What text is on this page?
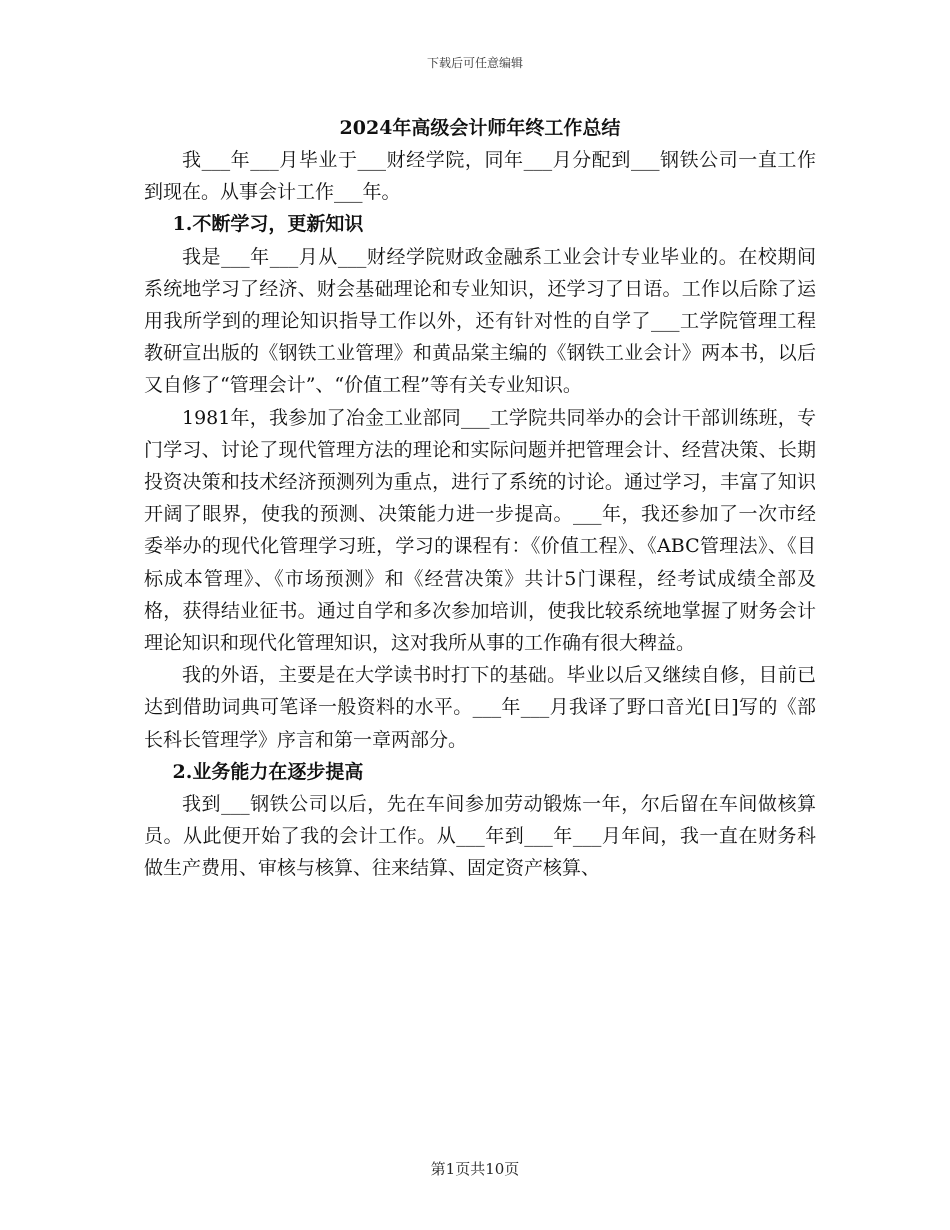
下载后可任意编辑
2024年高级会计师年终工作总结

我___年___月毕业于___财经学院，同年___月分配到___钢铁公司一直工作到现在。从事会计工作___年。

1.不断学习，更新知识

我是___年___月从___财经学院财政金融系工业会计专业毕业的。在校期间系统地学习了经济、财会基础理论和专业知识，还学习了日语。工作以后除了运用我所学到的理论知识指导工作以外，还有针对性的自学了___工学院管理工程教研宣出版的《钢铁工业管理》和黄品棠主编的《钢铁工业会计》两本书，以后又自修了“管理会计”、“价值工程”等有关专业知识。

1981年，我参加了冶金工业部同___工学院共同举办的会计干部训练班，专门学习、讨论了现代管理方法的理论和实际问题并把管理会计、经营决策、长期投资决策和技术经济预测列为重点，进行了系统的讨论。通过学习，丰富了知识开阔了眼界，使我的预测、决策能力进一步提高。___年，我还参加了一次市经委举办的现代化管理学习班，学习的课程有：《价值工程》、《ABC管理法》、《目标成本管理》、《市场预测》和《经营决策》共计5门课程，经考试成绩全部及格，获得结业征书。通过自学和多次参加培训，使我比较系统地掌握了财务会计理论知识和现代化管理知识，这对我所从事的工作确有很大稗益。

我的外语，主要是在大学读书时打下的基础。毕业以后又继续自修，目前已达到借助词典可笔译一般资料的水平。___年___月我译了野口音光[日]写的《部长科长管理学》序言和第一章两部分。

2.业务能力在逐步提高

我到___钢铁公司以后，先在车间参加劳动锻炼一年，尔后留在车间做核算员。从此便开始了我的会计工作。从___年到___年___月年间，我一直在财务科做生产费用、审核与核算、往来结算、固定资产核算、

第1页共10页
